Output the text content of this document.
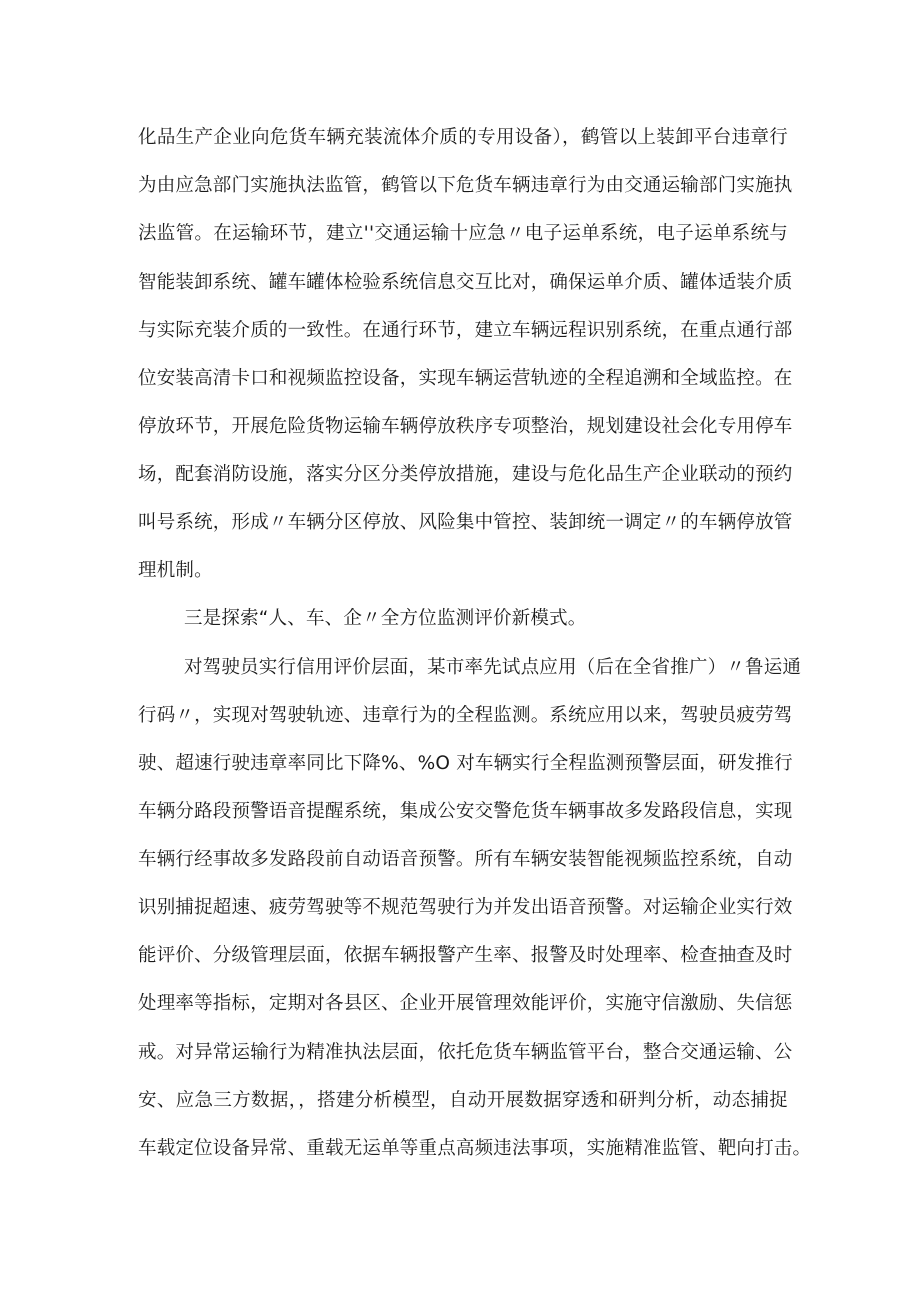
化品生产企业向危货车辆充装流体介质的专用设备），鹤管以上装卸平台违章行
为由应急部门实施执法监管，鹤管以下危货车辆违章行为由交通运输部门实施执
法监管。在运输环节，建立''交通运输十应急〃电子运单系统，电子运单系统与
智能装卸系统、罐车罐体检验系统信息交互比对，确保运单介质、罐体适装介质
与实际充装介质的一致性。在通行环节，建立车辆远程识别系统，在重点通行部
位安装高清卡口和视频监控设备，实现车辆运营轨迹的全程追溯和全域监控。在
停放环节，开展危险货物运输车辆停放秩序专项整治，规划建设社会化专用停车
场，配套消防设施，落实分区分类停放措施，建设与危化品生产企业联动的预约
叫号系统，形成〃车辆分区停放、风险集中管控、装卸统一调定〃的车辆停放管
理机制。
三是探索“人、车、企〃全方位监测评价新模式。
对驾驶员实行信用评价层面，某市率先试点应用（后在全省推广）〃鲁运通
行码〃，实现对驾驶轨迹、违章行为的全程监测。系统应用以来，驾驶员疲劳驾
驶、超速行驶违章率同比下降%、%O 对车辆实行全程监测预警层面，研发推行
车辆分路段预警语音提醒系统，集成公安交警危货车辆事故多发路段信息，实现
车辆行经事故多发路段前自动语音预警。所有车辆安装智能视频监控系统，自动
识别捕捉超速、疲劳驾驶等不规范驾驶行为并发出语音预警。对运输企业实行效
能评价、分级管理层面，依据车辆报警产生率、报警及时处理率、检查抽查及时
处理率等指标，定期对各县区、企业开展管理效能评价，实施守信激励、失信惩
戒。对异常运输行为精准执法层面，依托危货车辆监管平台，整合交通运输、公
安、应急三方数据，，搭建分析模型，自动开展数据穿透和研判分析，动态捕捉
车载定位设备异常、重载无运单等重点高频违法事项，实施精准监管、靶向打击。
